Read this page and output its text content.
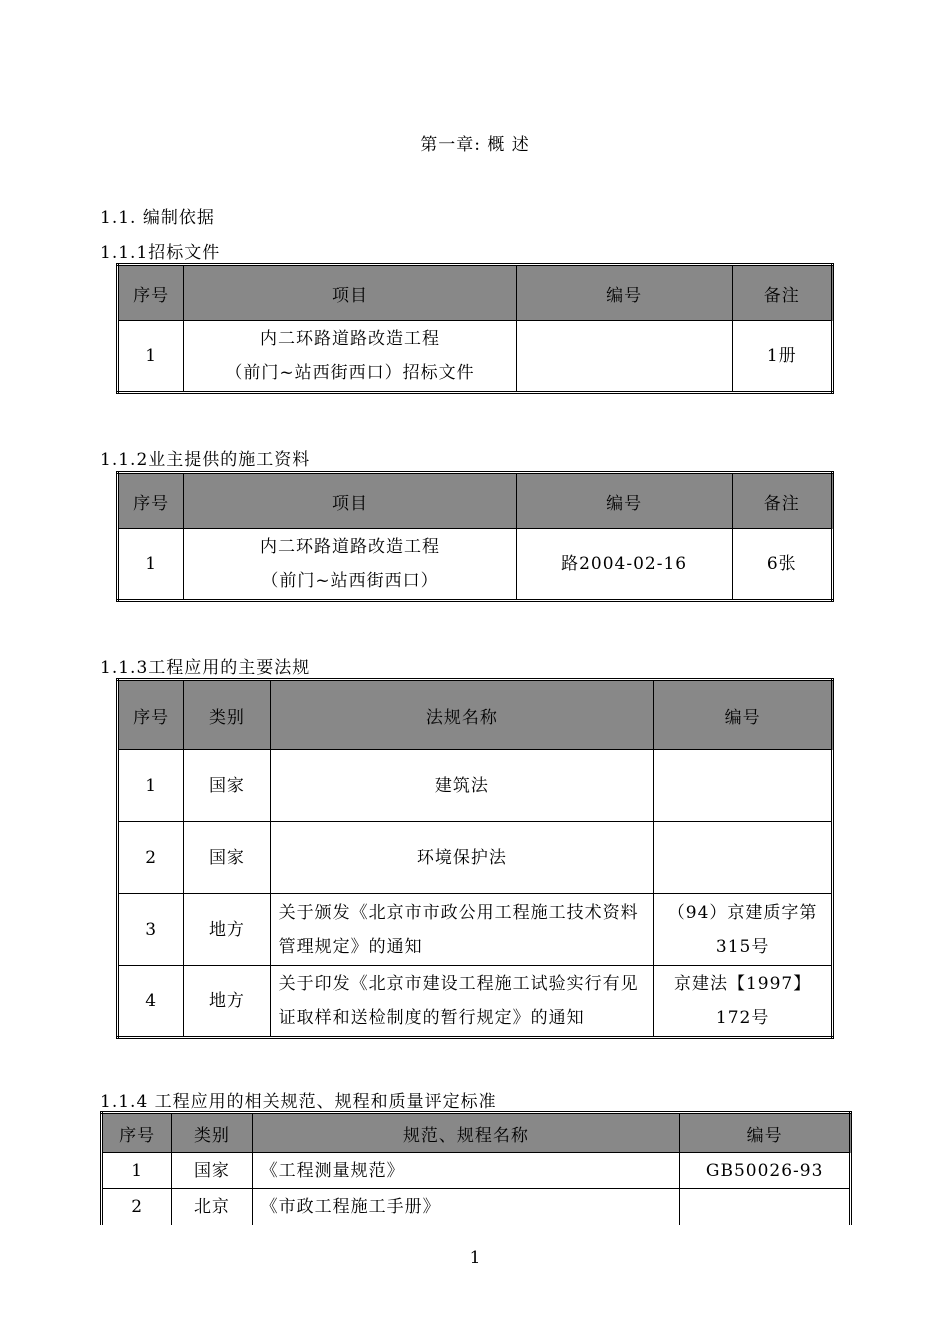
第一章: 概 述
1.1. 编制依据
1.1.1招标文件
序号	项目	编号	备注
1	内二环路道路改造工程
（前门~站西街西口）招标文件		1册
1.1.2业主提供的施工资料
序号	项目	编号	备注
1	内二环路道路改造工程
（前门~站西街西口）	路2004-02-16	6张
1.1.3工程应用的主要法规
序号	类别	法规名称	编号
1	国家	建筑法	

2	国家	环境保护法	

3	地方	关于颁发《北京市市政公用工程施工技术资料管理规定》的通知	（94）京建质字第
315号

4	地方	关于印发《北京市建设工程施工试验实行有见证取样和送检制度的暂行规定》的通知	京建法【1997】
172号
1.1.4 工程应用的相关规范、规程和质量评定标准
序号	类别	规范、规程名称	编号
1	国家	《工程测量规范》	GB50026-93
2	北京	《市政工程施工手册》	
1
